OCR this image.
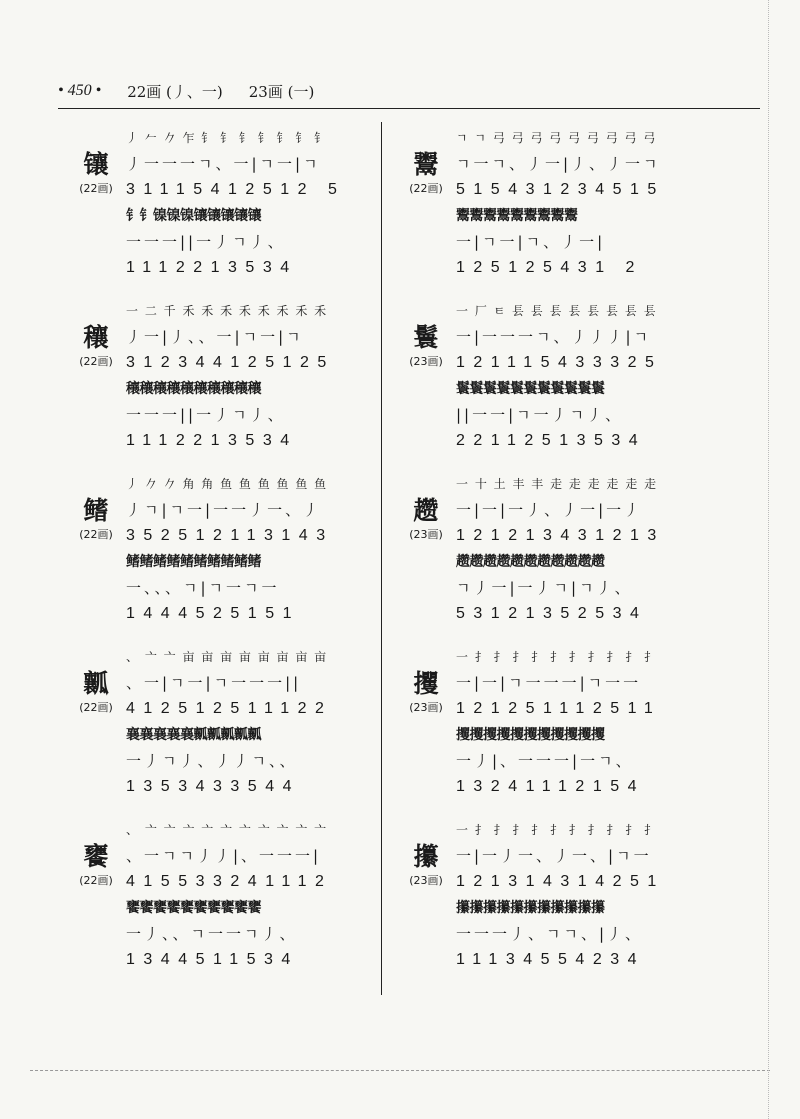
• 450 • 22画 (丿、一) 23画 (一)
镶
(22画)
丿 𠂉 𠂊 乍 钅 钅 钅 钅 钅 钅 钅
丿一一一ㄱ、一|ㄱ一|ㄱ
31115412512 5
钅钅镍镍镍镶镶镶镶镶
一一一||一丿ㄱ丿、
1112213534
穰
(22画)
一 二 千 禾 禾 禾 禾 禾 禾 禾 禾
丿一|丿、、一|ㄱ一|ㄱ
312344125125
穰穰穰穰穰穰穰穰穰穰
一一一||一丿ㄱ丿、
1112213534
鳍
(22画)
丿 𠂊 𠂊 角 角 鱼 鱼 鱼 鱼 鱼 鱼
丿ㄱ|ㄱ一|一一丿一、丿
352512113143
鳍鳍鳍鳍鳍鳍鳍鳍鳍鳍
一、、、ㄱ|ㄱ一ㄱ一
1444525151
瓤
(22画)
、 亠 亠 亩 亩 亩 亩 亩 亩 亩 亩
、一|ㄱ一|ㄱ一一一||
412512511122
襄襄襄襄襄瓤瓤瓤瓤瓤
一丿ㄱ丿、丿丿ㄱ、、
1353433544
饔
(22画)
、 亠 亠 亠 亠 亠 亠 亠 亠 亠 亠
、一ㄱㄱ丿丿|、一一一|
415533241112
饔饔饔饔饔饔饔饔饔饔
一丿、、ㄱ一一ㄱ丿、
1344511534
鬻
(22画)
ㄱ ㄱ 弓 弓 弓 弓 弓 弓 弓 弓 弓
ㄱ一ㄱ、丿一|丿、丿一ㄱ
515431234515
鬻鬻鬻鬻鬻鬻鬻鬻鬻
一|ㄱ一|ㄱ、丿一|
125125431 2
鬟
(23画)
一 厂 ㅌ 镸 镸 镸 镸 镸 镸 镸 镸
一|一一一ㄱ、丿丿丿|ㄱ
121115433325
鬟鬟鬟鬟鬟鬟鬟鬟鬟鬟鬟
||一一|ㄱ一丿ㄱ丿、
22112513534
趱
(23画)
一 十 土 丰 丰 走 走 走 走 走 走
一|一|一丿、丿一|一丿
121213431213
趱趱趱趱趱趱趱趱趱趱趱
ㄱ丿一|一丿ㄱ|ㄱ丿、
53121352534
攫
(23画)
一 扌 扌 扌 扌 扌 扌 扌 扌 扌 扌
一|一|ㄱ一一一|ㄱ一一
121251112511
攫攫攫攫攫攫攫攫攫攫攫
一丿|、一一一|一ㄱ、
13241112154
攥
(23画)
一 扌 扌 扌 扌 扌 扌 扌 扌 扌 扌
一|一丿一、丿一、|ㄱ一
121314314251
攥攥攥攥攥攥攥攥攥攥攥
一一一丿、ㄱㄱ、|丿、
11134554234
